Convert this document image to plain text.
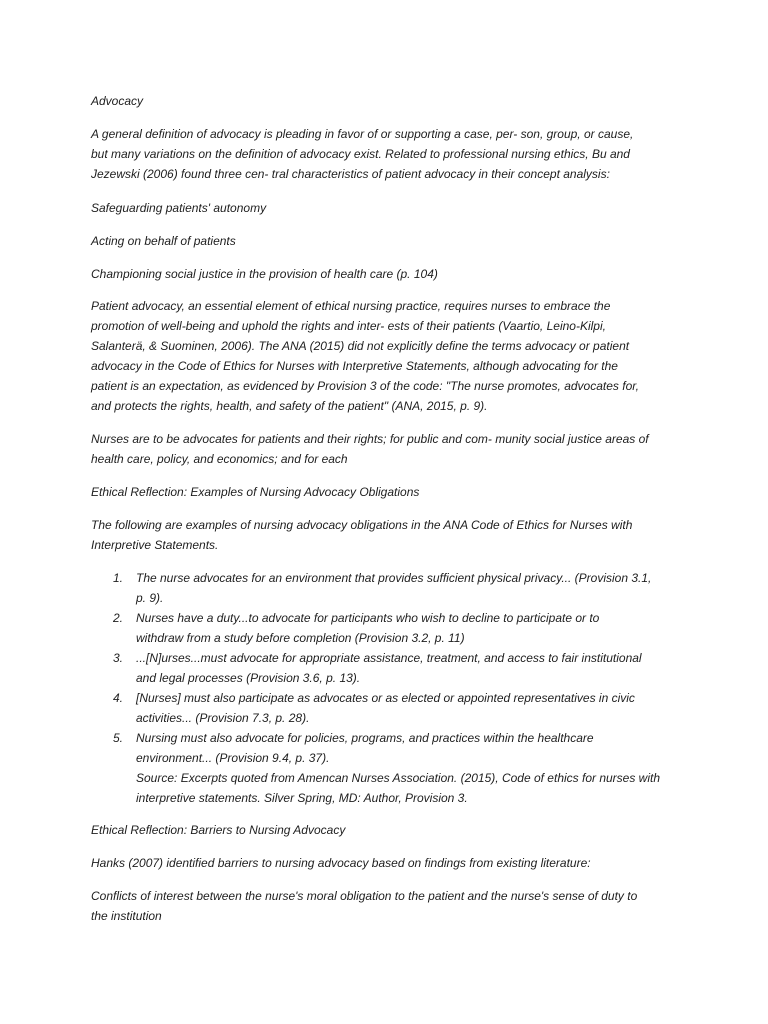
Advocacy
A general definition of advocacy is pleading in favor of or supporting a case, per- son, group, or cause,
but many variations on the definition of advocacy exist. Related to professional nursing ethics, Bu and
Jezewski (2006) found three cen- tral characteristics of patient advocacy in their concept analysis:
Safeguarding patients' autonomy
Acting on behalf of patients
Championing social justice in the provision of health care (p. 104)
Patient advocacy, an essential element of ethical nursing practice, requires nurses to embrace the
promotion of well-being and uphold the rights and inter- ests of their patients (Vaartio, Leino-Kilpi,
Salanterä, & Suominen, 2006). The ANA (2015) did not explicitly define the terms advocacy or patient
advocacy in the Code of Ethics for Nurses with Interpretive Statements, although advocating for the
patient is an expectation, as evidenced by Provision 3 of the code: "The nurse promotes, advocates for,
and protects the rights, health, and safety of the patient" (ANA, 2015, p. 9).
Nurses are to be advocates for patients and their rights; for public and com- munity social justice areas of
health care, policy, and economics; and for each
Ethical Reflection: Examples of Nursing Advocacy Obligations
The following are examples of nursing advocacy obligations in the ANA Code of Ethics for Nurses with
Interpretive Statements.
1. The nurse advocates for an environment that provides sufficient physical privacy... (Provision 3.1,
p. 9).
2. Nurses have a duty...to advocate for participants who wish to decline to participate or to
withdraw from a study before completion (Provision 3.2, p. 11)
3. ...[N]urses...must advocate for appropriate assistance, treatment, and access to fair institutional
and legal processes (Provision 3.6, p. 13).
4. [Nurses] must also participate as advocates or as elected or appointed representatives in civic
activities... (Provision 7.3, p. 28).
5. Nursing must also advocate for policies, programs, and practices within the healthcare
environment... (Provision 9.4, p. 37).
Source: Excerpts quoted from Amencan Nurses Association. (2015), Code of ethics for nurses with
interpretive statements. Silver Spring, MD: Author, Provision 3.
Ethical Reflection: Barriers to Nursing Advocacy
Hanks (2007) identified barriers to nursing advocacy based on findings from existing literature:
Conflicts of interest between the nurse's moral obligation to the patient and the nurse's sense of duty to
the institution
